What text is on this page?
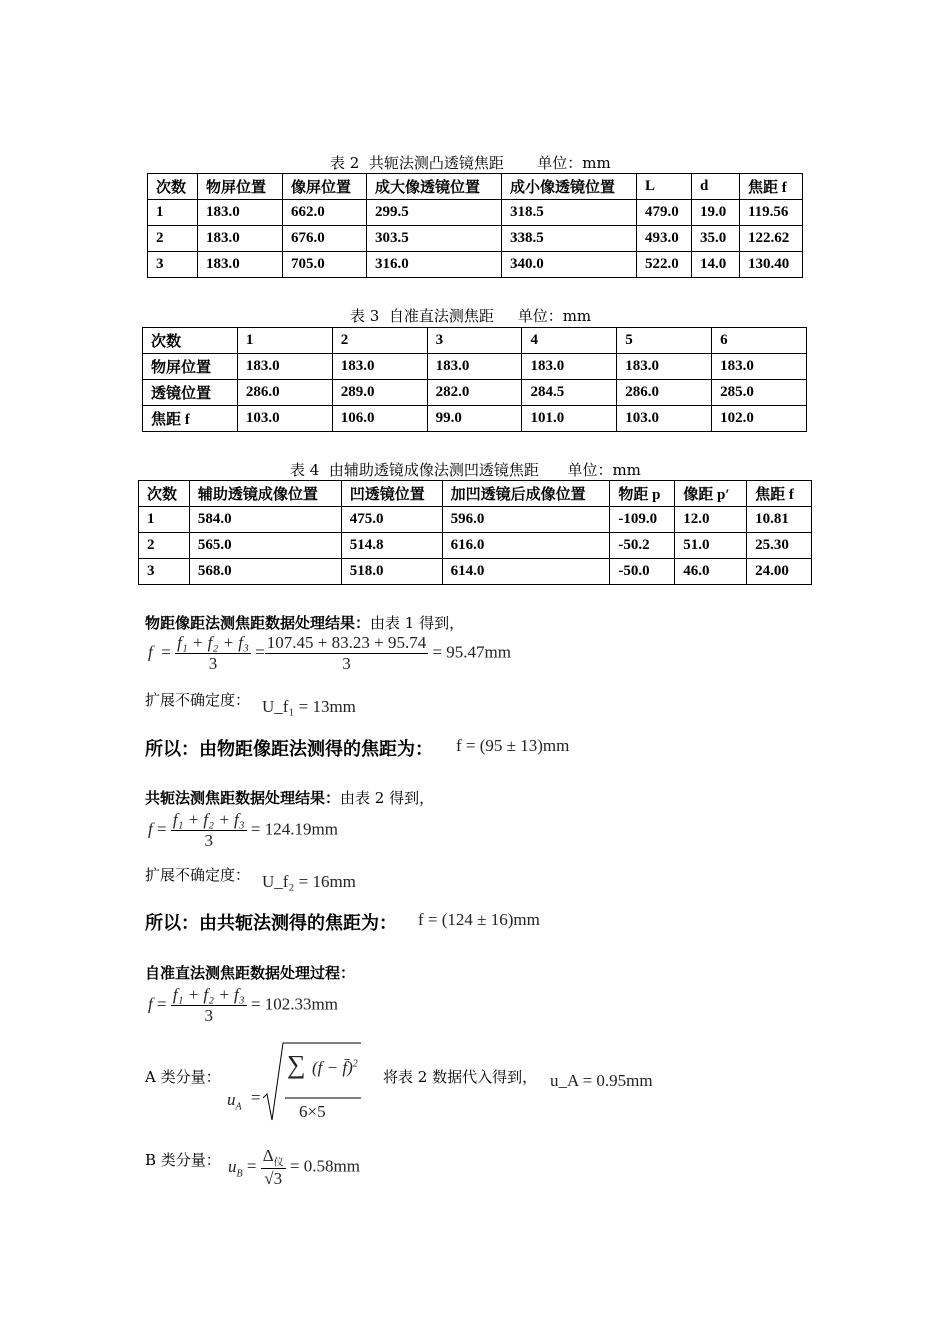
表 2  共轭法测凸透镜焦距       单位：mm
次数	物屏位置	像屏位置	成大像透镜位置	成小像透镜位置	L	d	焦距 f
1	183.0	662.0	299.5	318.5	479.0	19.0	119.56
2	183.0	676.0	303.5	338.5	493.0	35.0	122.62
3	183.0	705.0	316.0	340.0	522.0	14.0	130.40
表 3  自准直法测焦距     单位：mm
次数	1	2	3	4	5	6
物屏位置	183.0	183.0	183.0	183.0	183.0	183.0
透镜位置	286.0	289.0	282.0	284.5	286.0	285.0
焦距 f	103.0	106.0	99.0	101.0	103.0	102.0
表 4  由辅助透镜成像法测凹透镜焦距      单位：mm
次数	辅助透镜成像位置	凹透镜位置	加凹透镜后成像位置	物距 p	像距 p′	焦距 f
1	584.0	475.0	596.0	-109.0	12.0	10.81
2	565.0	514.8	616.0	-50.2	51.0	25.30
3	568.0	518.0	614.0	-50.0	46.0	24.00
物距像距法测焦距数据处理结果：由表 1 得到，
$f = \frac{\text{f₁ + f₂ + f₃}}{3} = \frac{107.45 + 83.23 + 95.74}{3} = 95.47mm$
扩展不确定度： U_f₁ = 13mm
所以：由物距像距法测得的焦距为： f = (95 ± 13)mm
共轭法测焦距数据处理结果：由表 2 得到，
$f = \frac{\text{f₁ + f₂ + f₃}}{3} = 124.19mm$
扩展不确定度： U_f₂ = 16mm
所以：由共轭法测得的焦距为： f = (124 ± 16)mm
自准直法测焦距数据处理过程：
$f = \frac{\text{f₁ + f₂ + f₃}}{3} = 102.33mm$
A 类分量：
$u_A$ =
∑ (f − f̄)$^2$
6×5
将表 2 数据代入得到， u_A = 0.95mm
B 类分量： $u_B = \frac{\Delta_仪}{√3} = 0.58mm$
